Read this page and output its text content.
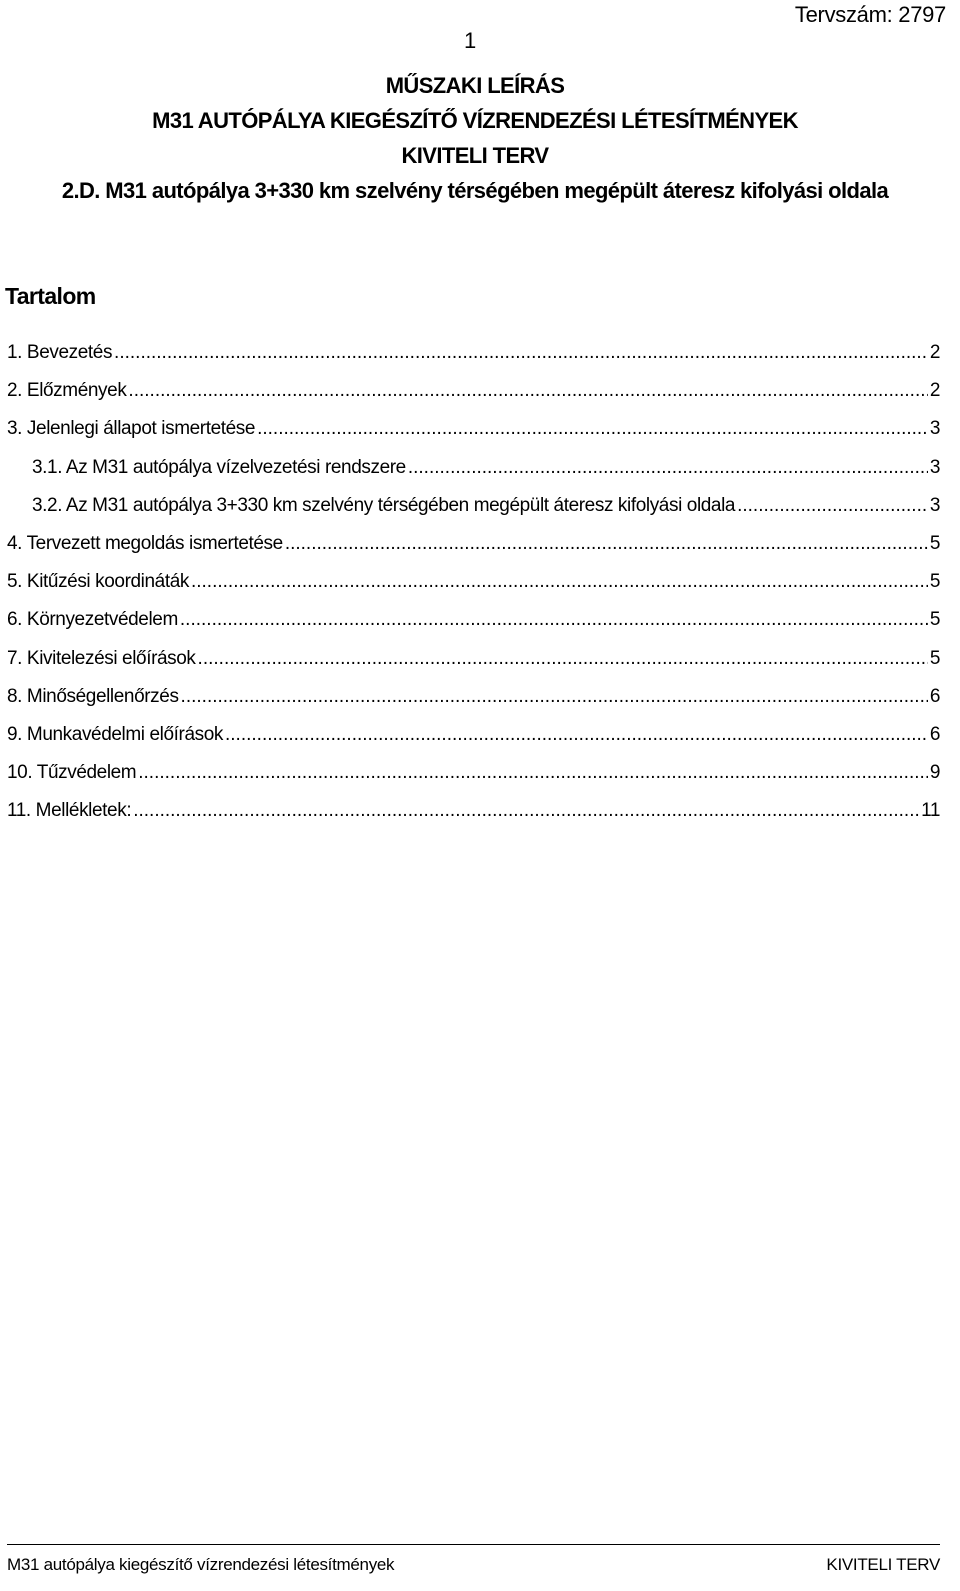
1
Tervszám: 2797
MŰSZAKI LEÍRÁS
M31 AUTÓPÁLYA KIEGÉSZÍTŐ VÍZRENDEZÉSI LÉTESÍTMÉNYEK
KIVITELI TERV
2.D. M31 autópálya 3+330 km szelvény térségében megépült áteresz kifolyási oldala
Tartalom
1. Bevezetés .....	2
2. Előzmények .....	2
3. Jelenlegi állapot ismertetése .....	3
3.1. Az M31 autópálya vízelvezetési rendszere .....	3
3.2. Az M31 autópálya 3+330 km szelvény térségében megépült áteresz kifolyási oldala .....	3
4. Tervezett megoldás ismertetése .....	5
5. Kitűzési koordináták .....	5
6. Környezetvédelem .....	5
7. Kivitelezési előírások .....	5
8. Minőségellenőrzés .....	6
9. Munkavédelmi előírások .....	6
10. Tűzvédelem .....	9
11. Mellékletek: .....	11
M31 autópálya kiegészítő vízrendezési létesítmények	KIVITELI TERV
